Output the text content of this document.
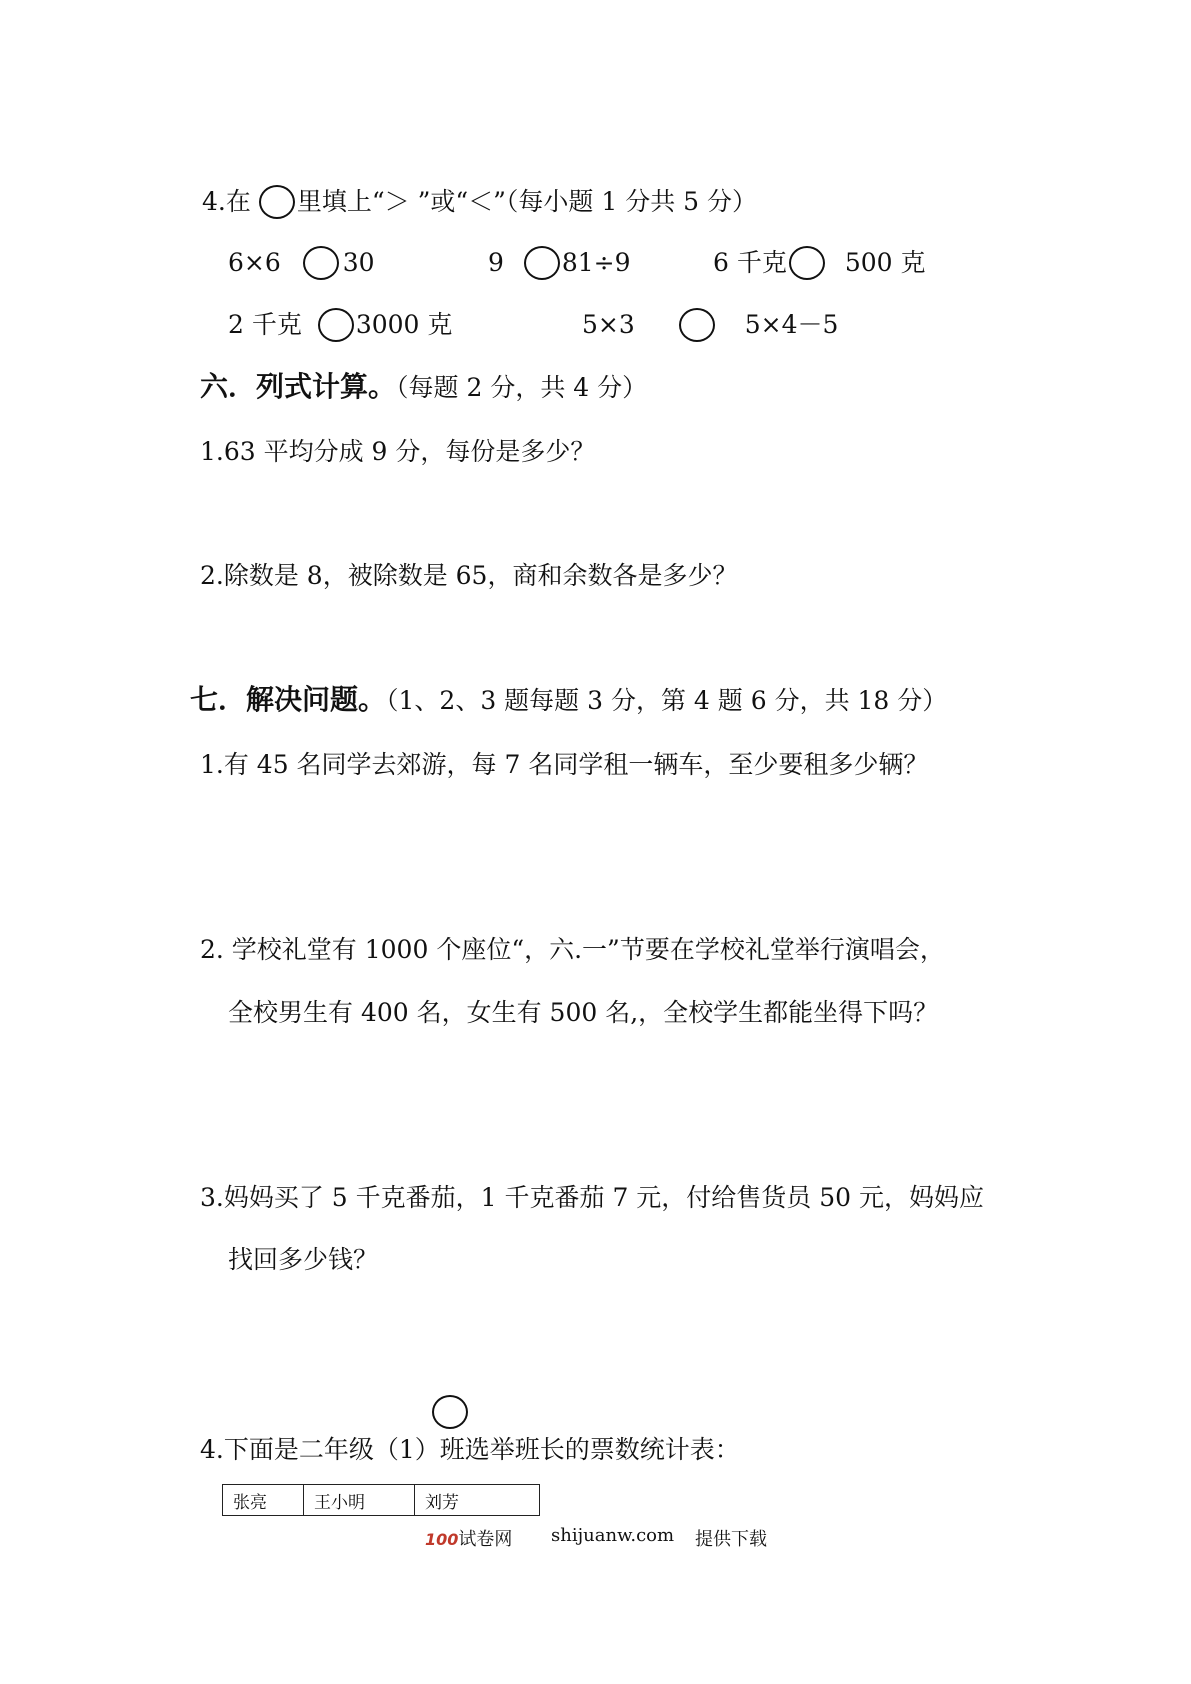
4.在 里填上“＞ ”或“＜”（每小题 1 分共 5 分）
6×6 30	9 81÷9	6 千克 500 克
2 千克 3000 克	5×3	5×4－5
六．列式计算。（每题 2 分，共 4 分）
1.63 平均分成 9 分，每份是多少？
2.除数是 8，被除数是 65，商和余数各是多少？
七．解决问题。（1、2、3 题每题 3 分，第 4 题 6 分，共 18 分）
1.有 45 名同学去郊游，每 7 名同学租一辆车，至少要租多少辆？
2. 学校礼堂有 1000 个座位“，六.一”节要在学校礼堂举行演唱会，
全校男生有 400 名，女生有 500 名,，全校学生都能坐得下吗？
3.妈妈买了 5 千克番茄，1 千克番茄 7 元，付给售货员 50 元，妈妈应
找回多少钱？
4.下面是二年级（1）班选举班长的票数统计表：
张亮	王小明	刘芳
100试卷网 shijuanw.com 提供下载
